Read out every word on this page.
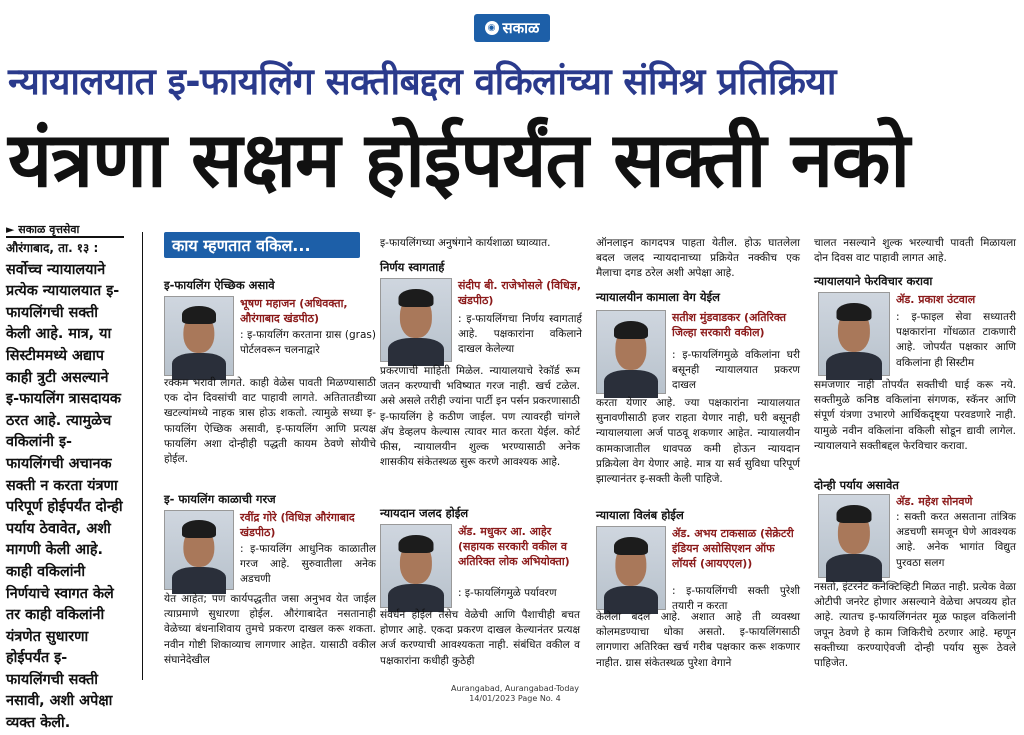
◉ सकाळ
न्यायालयात इ-फायलिंग सक्तीबद्दल वकिलांच्या संमिश्र प्रतिक्रिया
यंत्रणा सक्षम होईपर्यंत सक्ती नको
► सकाळ वृत्तसेवा
औरंगाबाद, ता. १३ : सर्वोच्च न्यायालयाने प्रत्येक न्यायालयात इ-फायलिंगची सक्ती केली आहे. मात्र, या सिस्टीममध्ये अद्याप काही त्रुटी असल्याने इ-फायलिंग त्रासदायक ठरत आहे. त्यामुळेच वकिलांनी इ-फायलिंगची अचानक सक्ती न करता यंत्रणा परिपूर्ण होईपर्यंत दोन्ही पर्याय ठेवावेत, अशी मागणी केली आहे. काही वकिलांनी निर्णयाचे स्वागत केले तर काही वकिलांनी यंत्रणेत सुधारणा होईपर्यंत इ-फायलिंगची सक्ती नसावी, अशी अपेक्षा व्यक्त केली.
काय म्हणतात वकिल...
इ-फायलिंग ऐच्छिक असावे
भूषण महाजन (अधिवक्ता, औरंगाबाद खंडपीठ)
: इ-फायलिंग करताना ग्रास (gras) पोर्टलवरून चलनाद्वारे
रक्कम भरावी लागते. काही वेळेस पावती मिळण्यासाठी एक दोन दिवसांची वाट पाहावी लागते. अतितातडीच्या खटल्यांमध्ये नाहक त्रास होऊ शकतो. त्यामुळे सध्या इ-फायलिंग ऐच्छिक असावी, इ-फायलिंग आणि प्रत्यक्ष फायलिंग अशा दोन्हीही पद्धती कायम ठेवणे सोयीचे होईल.
इ- फायलिंग काळाची गरज
रवींद्र गोरे (विधिज्ञ औरंगाबाद खंडपीठ)
: इ-फायलिंग आधुनिक काळातील गरज आहे. सुरुवातीला अनेक अडचणी
येत आहेत; पण कार्यपद्धतीत जसा अनुभव येत जाईल त्याप्रमाणे सुधारणा होईल. औरंगाबादेत नसतानाही वेळेच्या बंधनाशिवाय तुमचे प्रकरण दाखल करू शकता. नवीन गोष्टी शिकाव्याच लागणार आहेत. यासाठी वकील संघानेदेखील
इ-फायलिंगच्या अनुषंगाने कार्यशाळा घ्याव्यात.
निर्णय स्वागतार्ह
संदीप बी. राजेभोसले (विधिज्ञ, खंडपीठ)
: इ-फायलिंगचा निर्णय स्वागतार्ह आहे. पक्षकारांना वकिलाने दाखल केलेल्या
प्रकरणाची माहिती मिळेल. न्यायालयाचे रेकॉर्ड रूम जतन करण्याची भविष्यात गरज नाही. खर्च टळेल. असे असले तरीही ज्यांना पार्टी इन पर्सन प्रकरणासाठी इ-फायलिंग हे कठीण जाईल. पण त्यावरही चांगले ॲप डेव्हलप केल्यास त्यावर मात करता येईल. कोर्ट फीस, न्यायालयीन शुल्क भरण्यासाठी अनेक शासकीय संकेतस्थळ सुरू करणे आवश्यक आहे.
न्यायदान जलद होईल
ॲड. मधुकर आ. आहेर (सहायक सरकारी वकील व अतिरिक्त लोक अभियोक्ता)
: इ-फायलिंगमुळे पर्यावरण
संवर्धन होईल तसेच वेळेची आणि पैशाचीही बचत होणार आहे. एकदा प्रकरण दाखल केल्यानंतर प्रत्यक्ष अर्ज करण्याची आवश्यकता नाही. संबंधित वकील व पक्षकारांना कधीही कुठेही
ऑनलाइन कागदपत्र पाहता येतील. होऊ घातलेला बदल जलद न्यायदानाच्या प्रक्रियेत नक्कीच एक मैलाचा दगड ठरेल अशी अपेक्षा आहे.
न्यायालयीन कामाला वेग येईल
सतीश मुंडवाडकर (अतिरिक्त जिल्हा सरकारी वकील)
: इ-फायलिंगमुळे वकिलांना घरी बसूनही न्यायालयात प्रकरण दाखल
करता येणार आहे. ज्या पक्षकारांना न्यायालयात सुनावणीसाठी हजर राहता येणार नाही, घरी बसूनही न्यायालयाला अर्ज पाठवू शकणार आहेत. न्यायालयीन कामकाजातील धावपळ कमी होऊन न्यायदान प्रक्रियेला वेग येणार आहे. मात्र या सर्व सुविधा परिपूर्ण झाल्यानंतर इ-सक्ती केली पाहिजे.
न्यायाला विलंब होईल
ॲड. अभय टाकसाळ (सेक्रेटरी इंडियन असोसिएशन ऑफ लॉयर्स (आयएएल))
: इ-फायलिंगची सक्ती पुरेशी तयारी न करता
केलेला बदल आहे. अशात आहे ती व्यवस्था कोलमडण्याचा धोका असतो. इ-फायलिंगसाठी लागणारा अतिरिक्त खर्च गरीब पक्षकार करू शकणार नाहीत. ग्रास संकेतस्थळ पुरेशा वेगाने
चालत नसल्याने शुल्क भरल्याची पावती मिळायला दोन दिवस वाट पाहावी लागत आहे.
न्यायालयाने फेरविचार करावा
ॲड. प्रकाश उंटवाल
: इ-फाइल सेवा सध्यातरी पक्षकारांना गोंधळात टाकणारी आहे. जोपर्यंत पक्षकार आणि वकिलांना ही सिस्टीम
समजणार नाही तोपर्यंत सक्तीची घाई करू नये. सक्तीमुळे कनिष्ठ वकिलांना संगणक, स्कॅनर आणि संपूर्ण यंत्रणा उभारणे आर्थिकदृष्ट्या परवडणारे नाही. यामुळे नवीन वकिलांना वकिली सोडून द्यावी लागेल. न्यायालयाने सक्तीबद्दल फेरविचार करावा.
दोन्ही पर्याय असावेत
ॲड. महेश सोनवणे
: सक्ती करत असताना तांत्रिक अडचणी समजून घेणे आवश्यक आहे. अनेक भागांत विद्युत पुरवठा सलग
नसतो, इंटरनेट कनेक्टिव्हिटी मिळत नाही. प्रत्येक वेळा ओटीपी जनरेट होणार असल्याने वेळेचा अपव्यय होत आहे. त्यातच इ-फायलिंगनंतर मूळ फाइल वकिलांनी जपून ठेवणे हे काम जिकिरीचे ठरणार आहे. म्हणून सक्तीच्या करण्याऐवजी दोन्ही पर्याय सुरू ठेवले पाहिजेत.
Aurangabad, Aurangabad-Today
14/01/2023 Page No. 4
